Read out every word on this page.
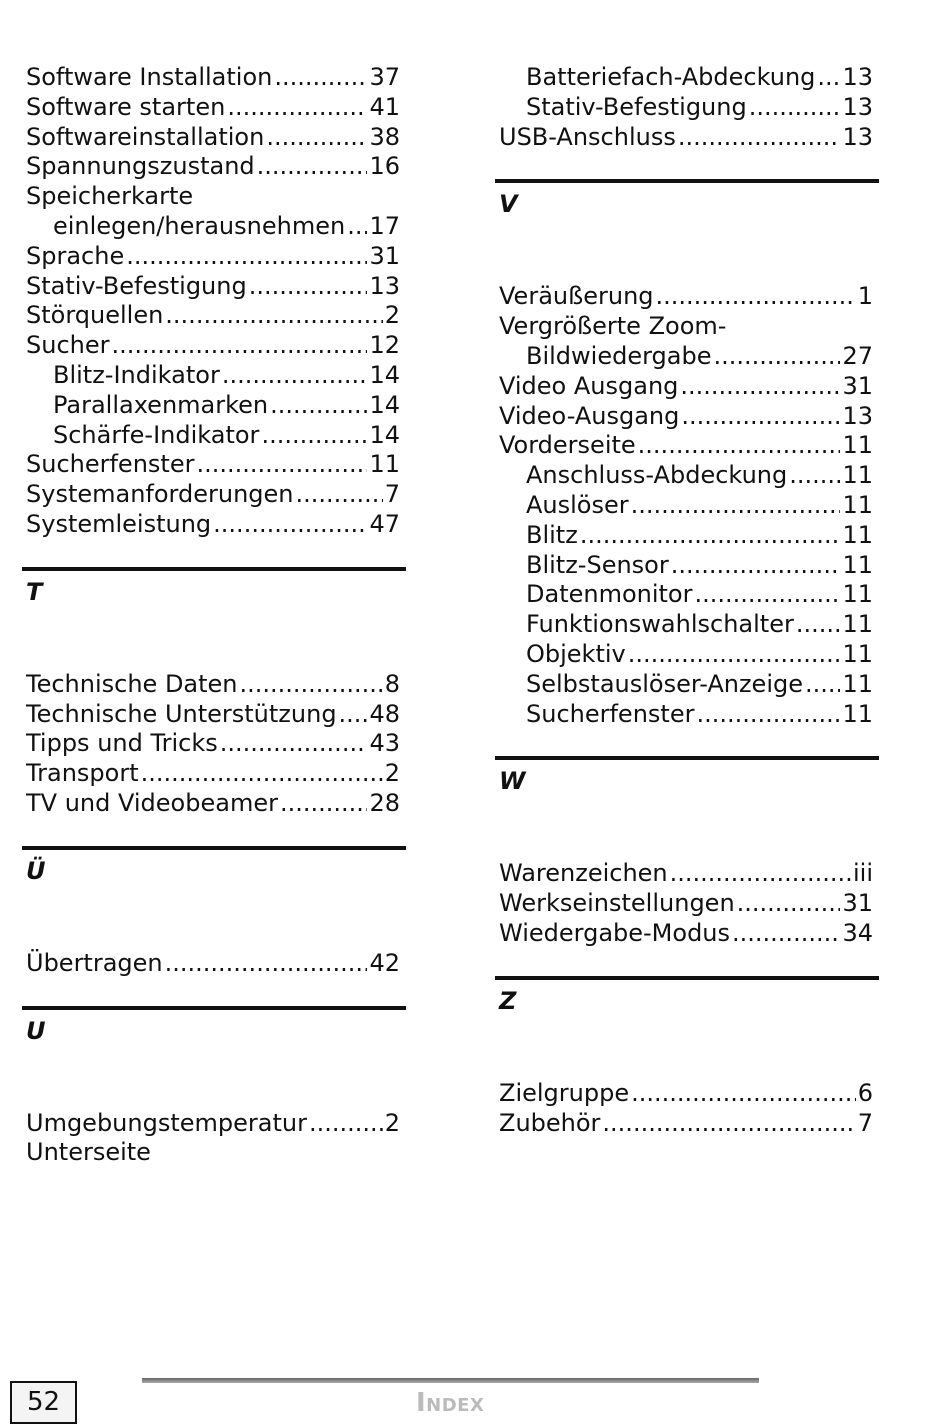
Software Installation .....	37
Software starten .....	41
Softwareinstallation .....	38
Spannungszustand .....	16
Speicherkarte
einlegen/herausnehmen ..... 17
Sprache .....	31
Stativ-Befestigung .....	13
Störquellen .....	2
Sucher .....	12
Blitz-Indikator .....	14
Parallaxenmarken .....	14
Schärfe-Indikator .....	14
Sucherfenster .....	11
Systemanforderungen .....	7
Systemleistung .....	47
T
Technische Daten .....	8
Technische Unterstützung ..... 48
Tipps und Tricks .....	43
Transport .....	2
TV und Videobeamer .....	28
Ü
Übertragen .....	42
U
Umgebungstemperatur .....	2
Unterseite
Batteriefach-Abdeckung ..... 13
Stativ-Befestigung .....	13
USB-Anschluss .....	13
V
Veräußerung .....	1
Vergrößerte Zoom-
Bildwiedergabe .....	27
Video Ausgang .....	31
Video-Ausgang .....	13
Vorderseite .....	11
Anschluss-Abdeckung ..... 11
Auslöser .....	11
Blitz .....	11
Blitz-Sensor .....	11
Datenmonitor .....	11
Funktionswahlschalter ..... 11
Objektiv .....	11
Selbstauslöser-Anzeige ..... 11
Sucherfenster .....	11
W
Warenzeichen .....	iii
Werkseinstellungen .....	31
Wiedergabe-Modus .....	34
Z
Zielgruppe .....	6
Zubehör .....	7
52	Index
